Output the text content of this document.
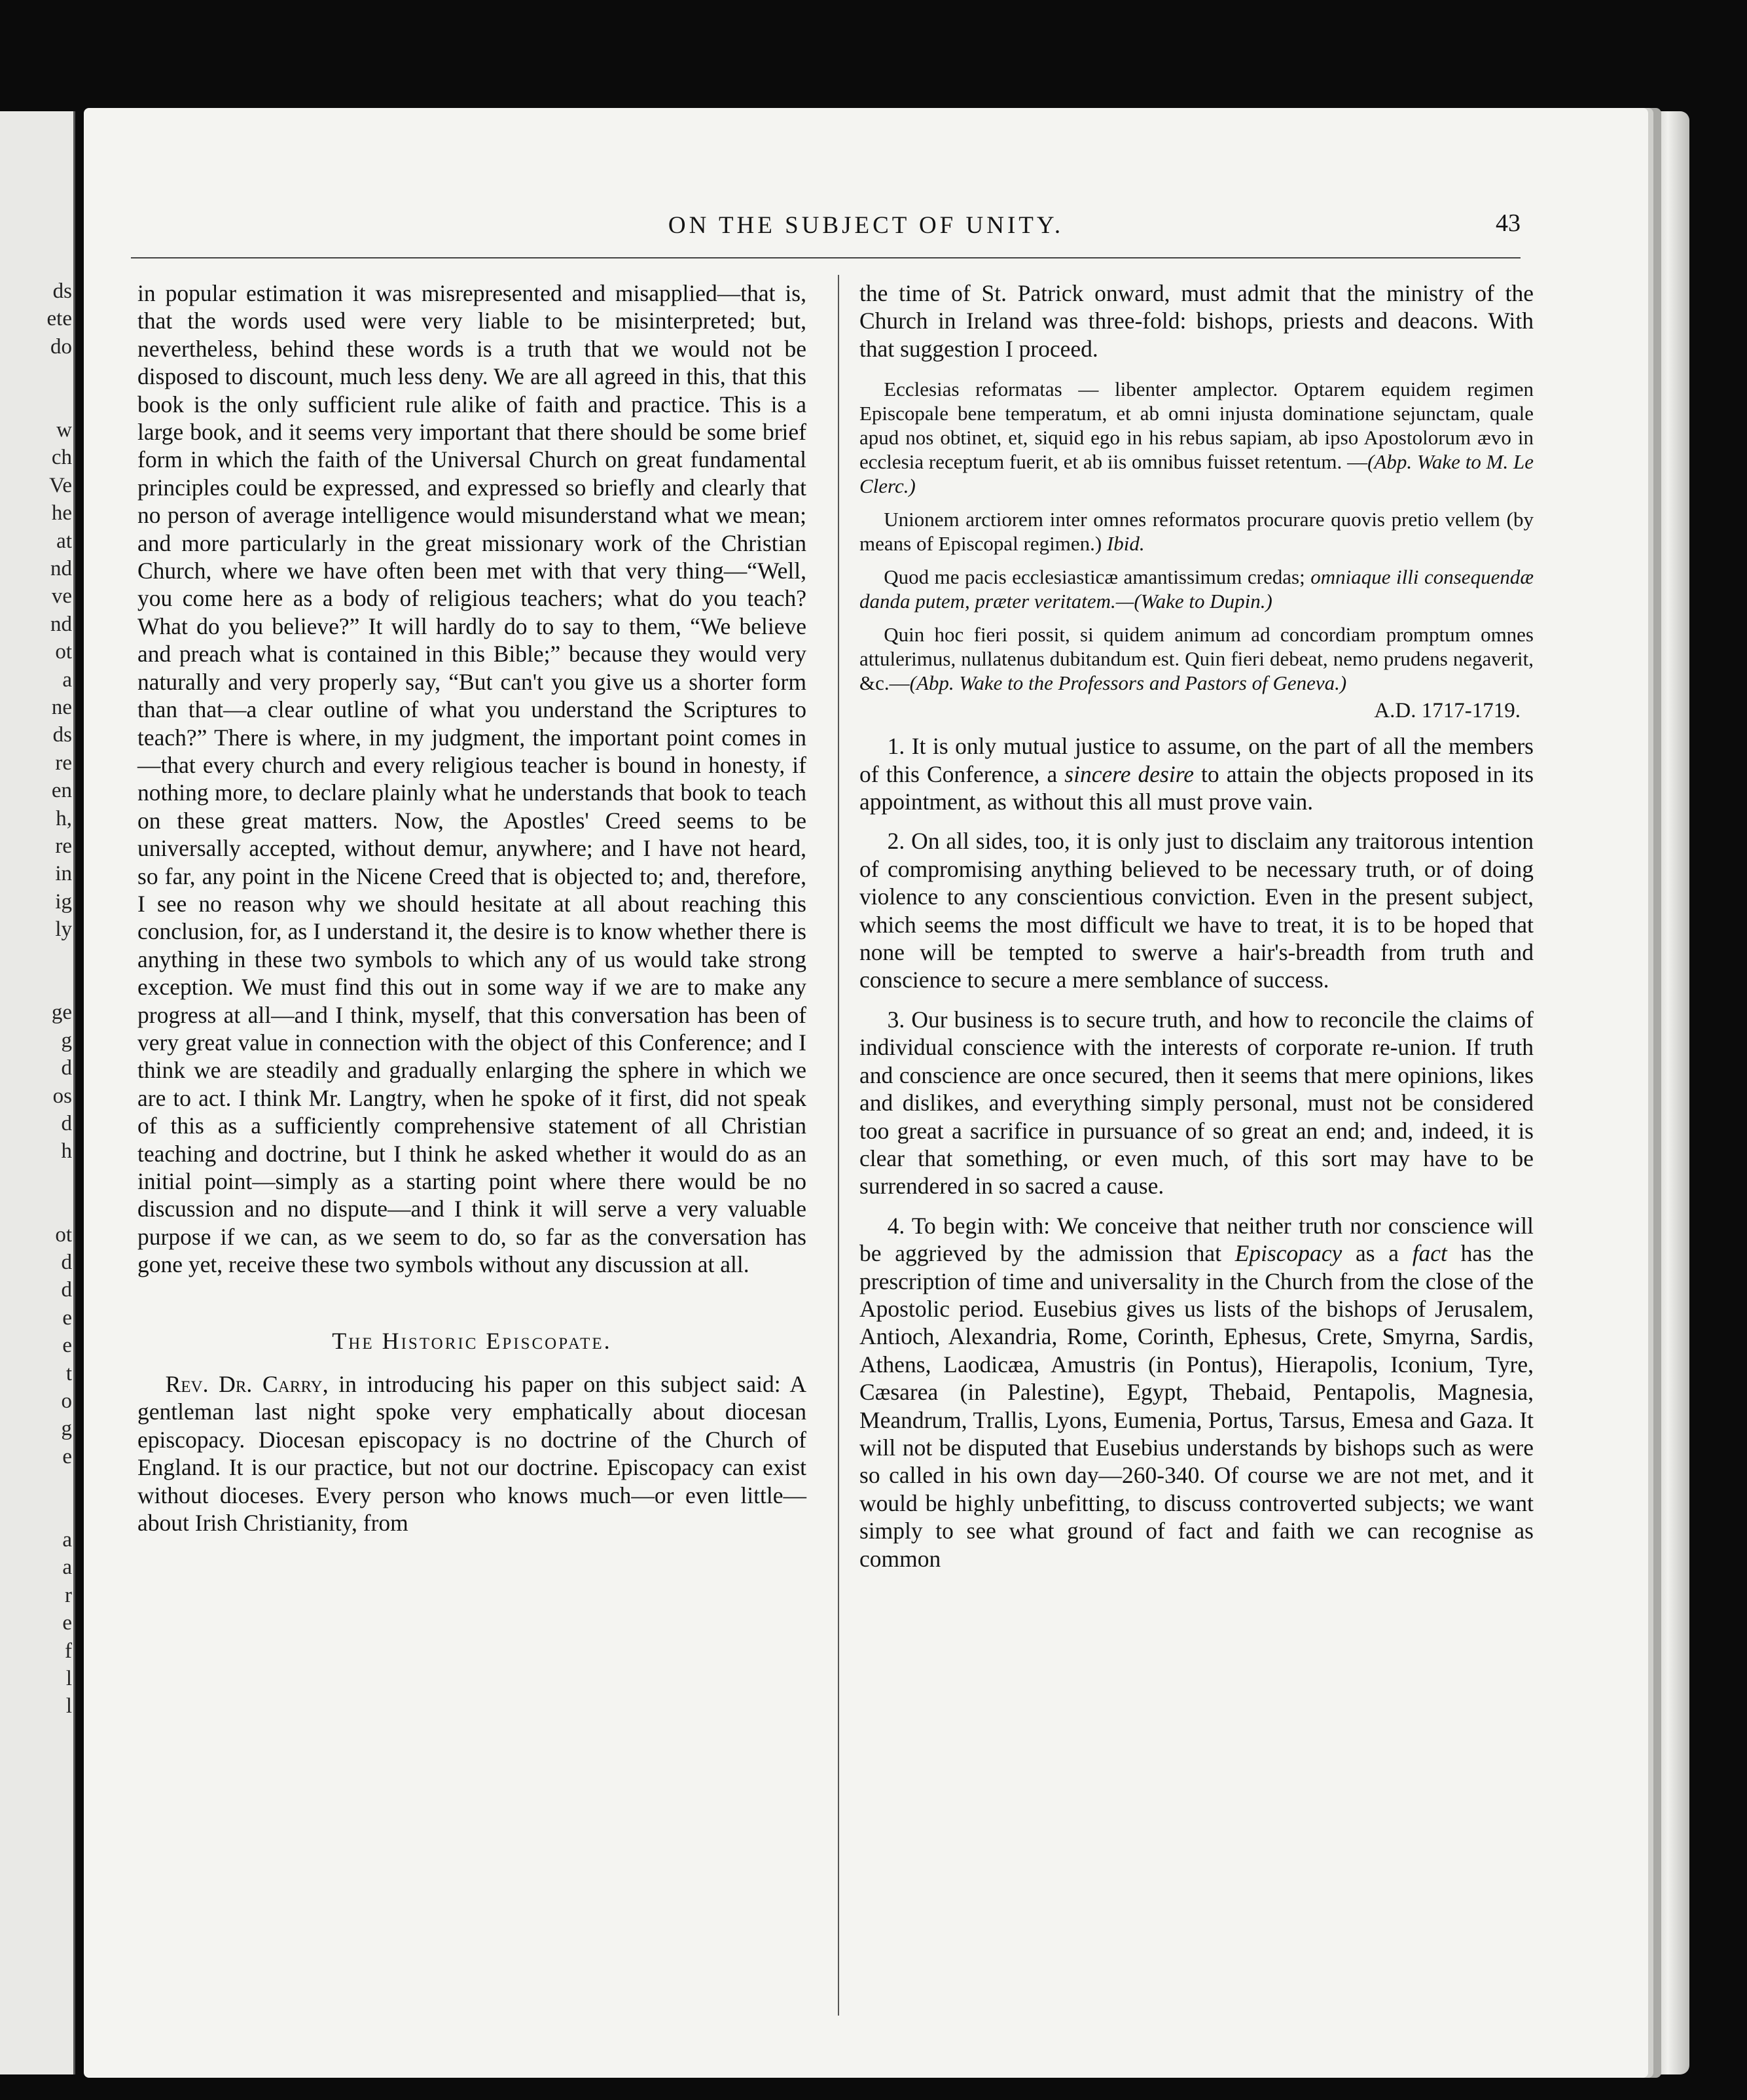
ds
ete
do
w
ch
Ve
he
at
nd
ve
nd
ot
a
ne
ds
re
en
h,
re
in
ig
ly
ge
g
d
os
d
h
ot
d
d
e
e
t
o
g
e
a
a
r
e
f
l
l
ON THE SUBJECT OF UNITY.	43

in popular estimation it was misrepresented and misapplied—that is, that the words used were very liable to be misinterpreted; but, nevertheless, behind these words is a truth that we would not be disposed to discount, much less deny. We are all agreed in this, that this book is the only sufficient rule alike of faith and practice. This is a large book, and it seems very important that there should be some brief form in which the faith of the Universal Church on great fundamental principles could be expressed, and expressed so briefly and clearly that no person of average intelligence would misunderstand what we mean; and more particularly in the great missionary work of the Christian Church, where we have often been met with that very thing—“Well, you come here as a body of religious teachers; what do you teach? What do you believe?” It will hardly do to say to them, “We believe and preach what is contained in this Bible;” because they would very naturally and very properly say, “But can't you give us a shorter form than that—a clear outline of what you understand the Scriptures to teach?” There is where, in my judgment, the important point comes in—that every church and every religious teacher is bound in honesty, if nothing more, to declare plainly what he understands that book to teach on these great matters. Now, the Apostles' Creed seems to be universally accepted, without demur, anywhere; and I have not heard, so far, any point in the Nicene Creed that is objected to; and, therefore, I see no reason why we should hesitate at all about reaching this conclusion, for, as I understand it, the desire is to know whether there is anything in these two symbols to which any of us would take strong exception. We must find this out in some way if we are to make any progress at all—and I think, myself, that this conversation has been of very great value in connection with the object of this Conference; and I think we are steadily and gradually enlarging the sphere in which we are to act. I think Mr. Langtry, when he spoke of it first, did not speak of this as a sufficiently comprehensive statement of all Christian teaching and doctrine, but I think he asked whether it would do as an initial point—simply as a starting point where there would be no discussion and no dispute—and I think it will serve a very valuable purpose if we can, as we seem to do, so far as the conversation has gone yet, receive these two symbols without any discussion at all.

The Historic Episcopate.

Rev. Dr. Carry, in introducing his paper on this subject said: A gentleman last night spoke very emphatically about diocesan episcopacy. Diocesan episcopacy is no doctrine of the Church of England. It is our practice, but not our doctrine. Episcopacy can exist without dioceses. Every person who knows much—or even little—about Irish Christianity, from

the time of St. Patrick onward, must admit that the ministry of the Church in Ireland was three-fold: bishops, priests and deacons. With that suggestion I proceed.

Ecclesias reformatas — libenter amplector. Optarem equidem regimen Episcopale bene temperatum, et ab omni injusta dominatione sejunctam, quale apud nos obtinet, et, siquid ego in his rebus sapiam, ab ipso Apostolorum ævo in ecclesia receptum fuerit, et ab iis omnibus fuisset retentum. —(Abp. Wake to M. Le Clerc.)

Unionem arctiorem inter omnes reformatos procurare quovis pretio vellem (by means of Episcopal regimen.) Ibid.

Quod me pacis ecclesiasticæ amantissimum credas; omniaque illi consequendæ danda putem, præter veritatem.—(Wake to Dupin.)

Quin hoc fieri possit, si quidem animum ad concordiam promptum omnes attulerimus, nullatenus dubitandum est. Quin fieri debeat, nemo prudens negaverit, &c.—(Abp. Wake to the Professors and Pastors of Geneva.)

A.D. 1717-1719.

1. It is only mutual justice to assume, on the part of all the members of this Conference, a sincere desire to attain the objects proposed in its appointment, as without this all must prove vain.

2. On all sides, too, it is only just to disclaim any traitorous intention of compromising anything believed to be necessary truth, or of doing violence to any conscientious conviction. Even in the present subject, which seems the most difficult we have to treat, it is to be hoped that none will be tempted to swerve a hair's-breadth from truth and conscience to secure a mere semblance of success.

3. Our business is to secure truth, and how to reconcile the claims of individual conscience with the interests of corporate re-union. If truth and conscience are once secured, then it seems that mere opinions, likes and dislikes, and everything simply personal, must not be considered too great a sacrifice in pursuance of so great an end; and, indeed, it is clear that something, or even much, of this sort may have to be surrendered in so sacred a cause.

4. To begin with: We conceive that neither truth nor conscience will be aggrieved by the admission that Episcopacy as a fact has the prescription of time and universality in the Church from the close of the Apostolic period. Eusebius gives us lists of the bishops of Jerusalem, Antioch, Alexandria, Rome, Corinth, Ephesus, Crete, Smyrna, Sardis, Athens, Laodicæa, Amustris (in Pontus), Hierapolis, Iconium, Tyre, Cæsarea (in Palestine), Egypt, Thebaid, Pentapolis, Magnesia, Meandrum, Trallis, Lyons, Eumenia, Portus, Tarsus, Emesa and Gaza. It will not be disputed that Eusebius understands by bishops such as were so called in his own day—260-340. Of course we are not met, and it would be highly unbefitting, to discuss controverted subjects; we want simply to see what ground of fact and faith we can recognise as common
